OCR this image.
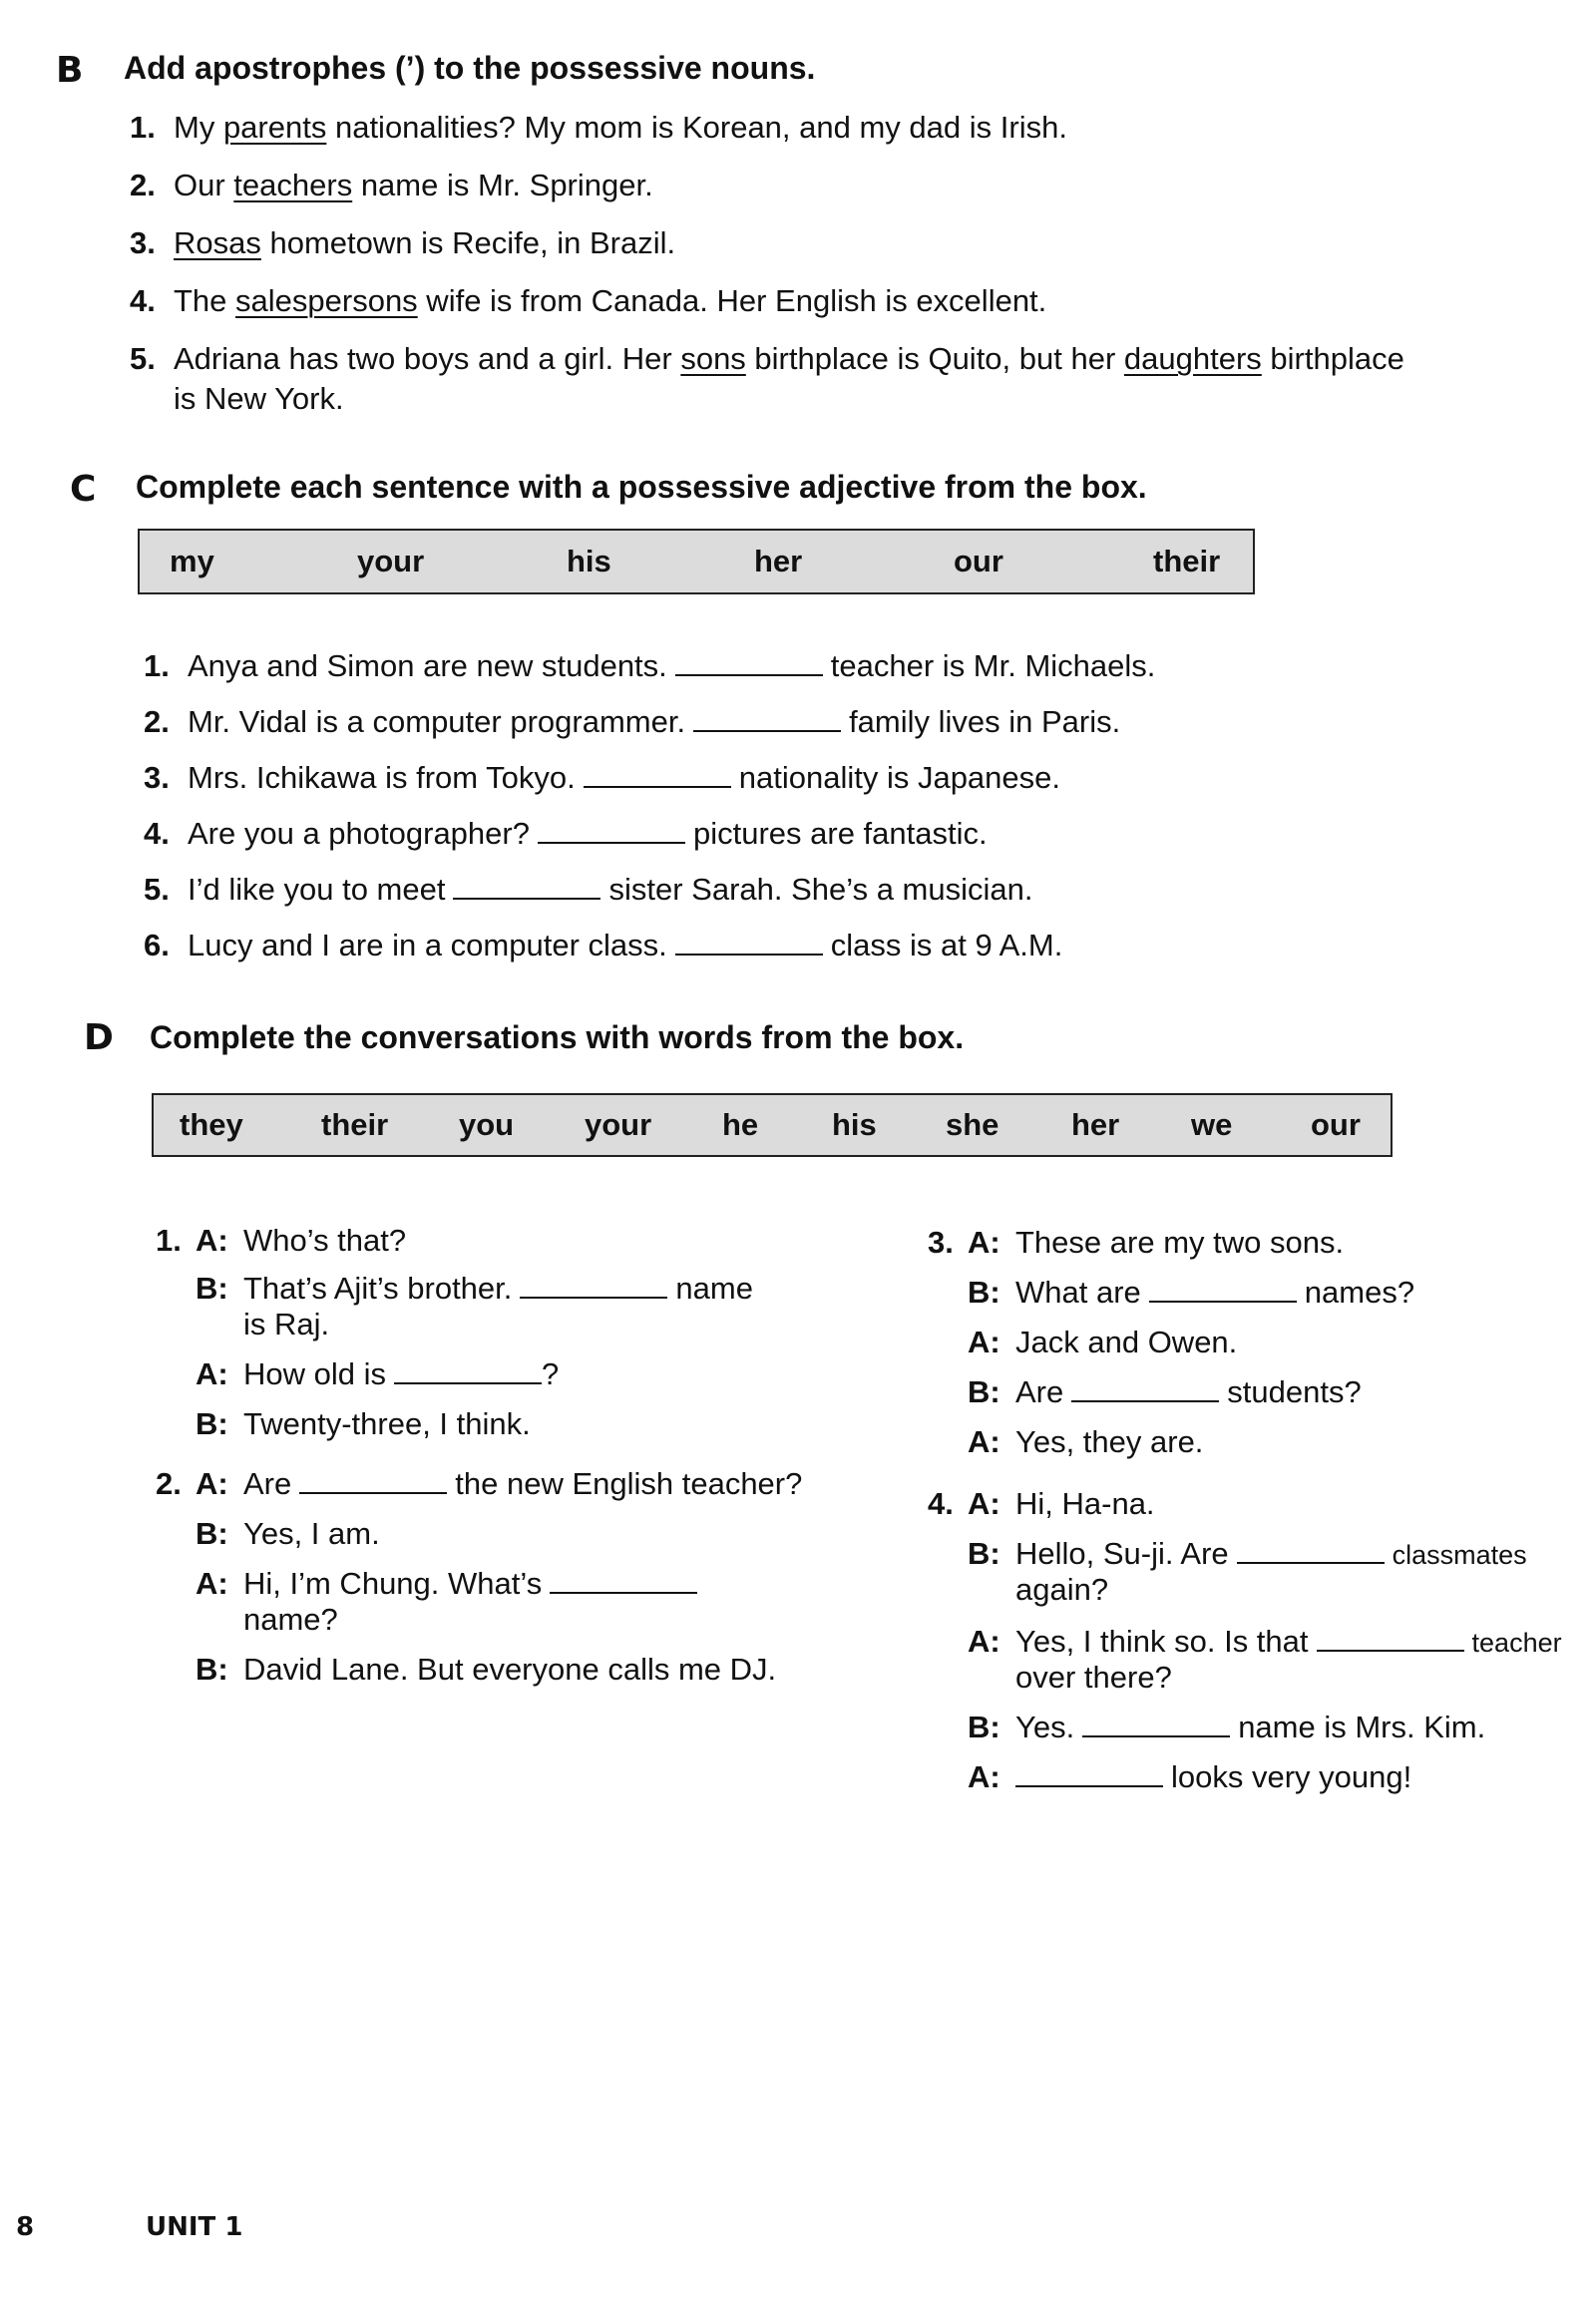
B Add apostrophes (’) to the possessive nouns.
1. My parents nationalities? My mom is Korean, and my dad is Irish.
2. Our teachers name is Mr. Springer.
3. Rosas hometown is Recife, in Brazil.
4. The salespersons wife is from Canada. Her English is excellent.
5. Adriana has two boys and a girl. Her sons birthplace is Quito, but her daughters birthplace
is New York.
C Complete each sentence with a possessive adjective from the box.
my	your	his	her	our	their
1. Anya and Simon are new students.	teacher is Mr. Michaels.
2. Mr. Vidal is a computer programmer.	family lives in Paris.
3. Mrs. Ichikawa is from Tokyo.	nationality is Japanese.
4. Are you a photographer?	pictures are fantastic.
5. I’d like you to meet	sister Sarah. She’s a musician.
6. Lucy and I are in a computer class.	class is at 9 A.M.
D Complete the conversations with words from the box.
they	their you your he his she her we	our
1. A: Who’s that?
B: That’s Ajit’s brother.	name
is Raj.
A: How old is	?
B: Twenty-three, I think.
2. A: Are	the new English teacher?
B: Yes, I am.
A: Hi, I’m Chung. What’s
name?
B: David Lane. But everyone calls me DJ.
3. A: These are my two sons.
B: What are	names?
A: Jack and Owen.
B: Are	students?
A: Yes, they are.
4. A: Hi, Ha-na.
B: Hello, Su-ji. Are	classmates
again?
A: Yes, I think so. Is that	teacher
over there?
B: Yes.	name is Mrs. Kim.
A:	looks very young!
8	UNIT 1
